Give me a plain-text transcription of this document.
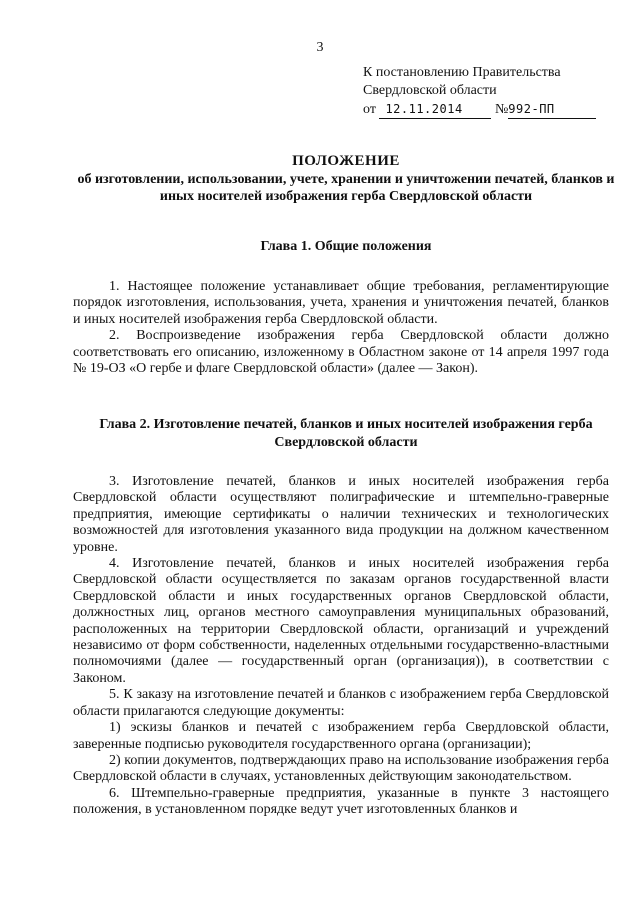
3
К постановлению Правительства
Свердловской области
от 12.11.2014 №992-ПП
ПОЛОЖЕНИЕ
об изготовлении, использовании, учете, хранении и уничтожении печатей, бланков и иных носителей изображения герба Свердловской области
Глава 1. Общие положения

1. Настоящее положение устанавливает общие требования, регламентирующие порядок изготовления, использования, учета, хранения и уничтожения печатей, бланков и иных носителей изображения герба Свердловской области.

2. Воспроизведение изображения герба Свердловской области должно соответствовать его описанию, изложенному в Областном законе от 14 апреля 1997 года № 19-ОЗ «О гербе и флаге Свердловской области» (далее — Закон).

Глава 2. Изготовление печатей, бланков и иных носителей изображения герба Свердловской области

3. Изготовление печатей, бланков и иных носителей изображения герба Свердловской области осуществляют полиграфические и штемпельно-граверные предприятия, имеющие сертификаты о наличии технических и технологических возможностей для изготовления указанного вида продукции на должном качественном уровне.

4. Изготовление печатей, бланков и иных носителей изображения герба Свердловской области осуществляется по заказам органов государственной власти Свердловской области и иных государственных органов Свердловской области, должностных лиц, органов местного самоуправления муниципальных образований, расположенных на территории Свердловской области, организаций и учреждений независимо от форм собственности, наделенных отдельными государственно-властными полномочиями (далее — государственный орган (организация)), в соответствии с Законом.

5. К заказу на изготовление печатей и бланков с изображением герба Свердловской области прилагаются следующие документы:

1) эскизы бланков и печатей с изображением герба Свердловской области, заверенные подписью руководителя государственного органа (организации);

2) копии документов, подтверждающих право на использование изображения герба Свердловской области в случаях, установленных действующим законодательством.

6. Штемпельно-граверные предприятия, указанные в пункте 3 настоящего положения, в установленном порядке ведут учет изготовленных бланков и
